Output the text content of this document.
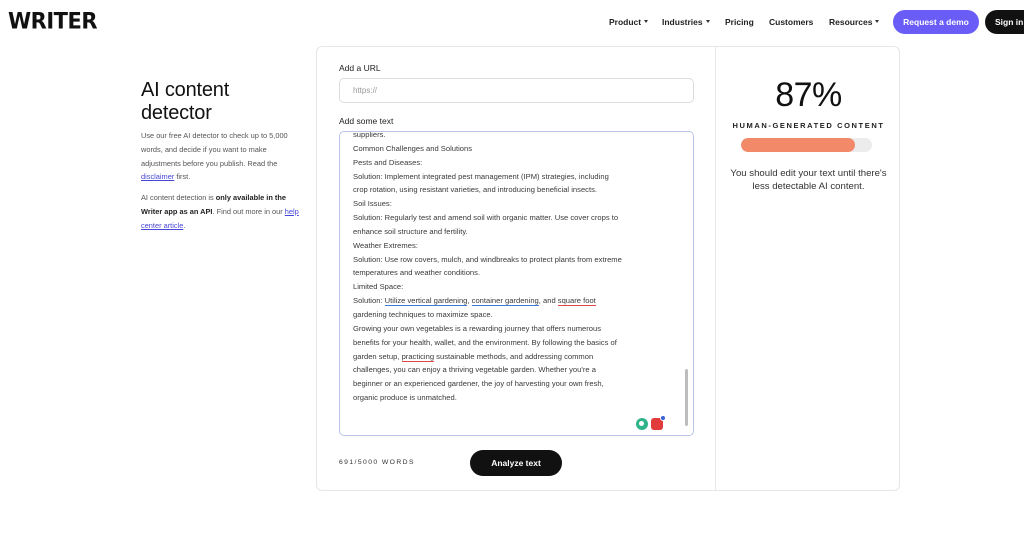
WRITER	Product	Industries	Pricing Customers Resources	Request a demo	Sign in
AI content
detector

Use our free AI detector to check up to 5,000 words, and decide if you want to make adjustments before you publish. Read the disclaimer first.

AI content detection is only available in the Writer app as an API. Find out more in our help center article.

Add a URL
https://
Add some text
suppliers.
Common Challenges and Solutions
Pests and Diseases:
Solution: Implement integrated pest management (IPM) strategies, including
crop rotation, using resistant varieties, and introducing beneficial insects.
Soil Issues:
Solution: Regularly test and amend soil with organic matter. Use cover crops to
enhance soil structure and fertility.
Weather Extremes:
Solution: Use row covers, mulch, and windbreaks to protect plants from extreme
temperatures and weather conditions.
Limited Space:
Solution: Utilize vertical gardening, container gardening, and square foot
gardening techniques to maximize space.
Growing your own vegetables is a rewarding journey that offers numerous
benefits for your health, wallet, and the environment. By following the basics of
garden setup, practicing sustainable methods, and addressing common
challenges, you can enjoy a thriving vegetable garden. Whether you're a
beginner or an experienced gardener, the joy of harvesting your own fresh,
organic produce is unmatched.
691/5000 WORDS	Analyze text
87%
HUMAN-GENERATED CONTENT
You should edit your text until there's less detectable AI content.
